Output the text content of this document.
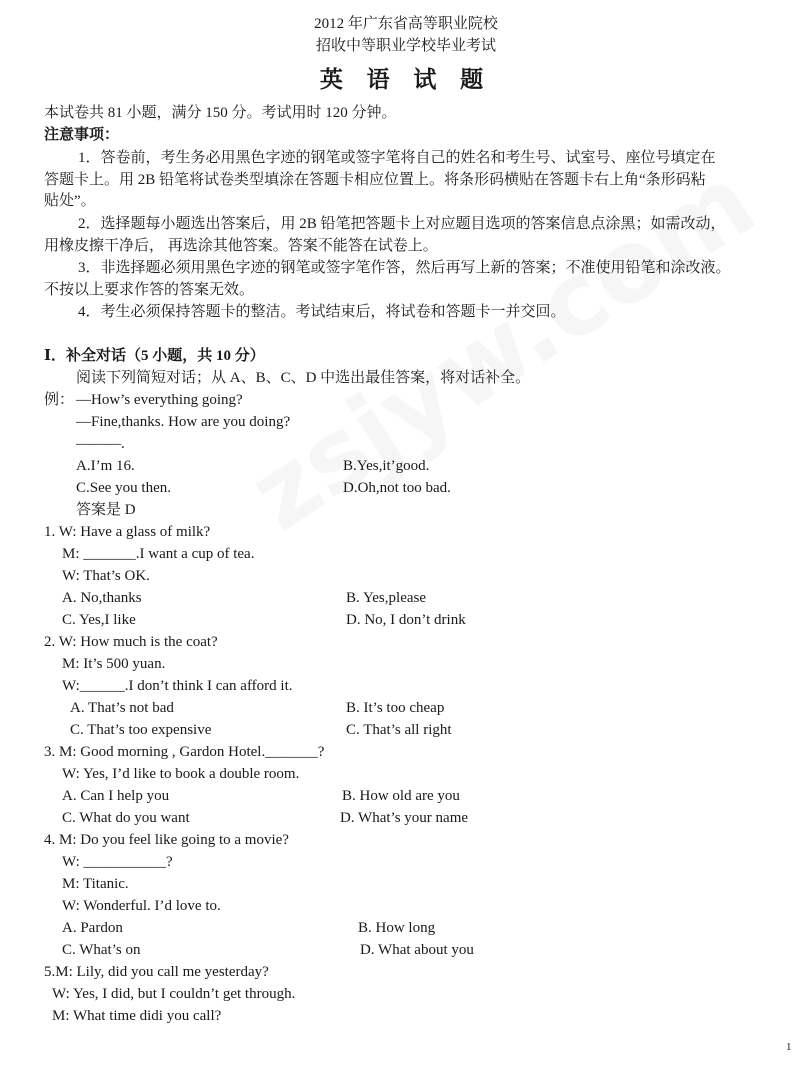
2012 年广东省高等职业院校
招收中等职业学校毕业考试
英 语 试 题
本试卷共 81 小题，满分 150 分。考试用时 120 分钟。
注意事项：
1．答卷前，考生务必用黑色字迹的钢笔或签字笔将自己的姓名和考生号、试室号、座位号填定在
答题卡上。用 2B 铅笔将试卷类型填涂在答题卡相应位置上。将条形码横贴在答题卡右上角“条形码粘
贴处”。
2．选择题每小题选出答案后，用 2B 铅笔把答题卡上对应题目选项的答案信息点涂黑；如需改动，
用橡皮擦干净后， 再选涂其他答案。答案不能答在试卷上。
3．非选择题必须用黑色字迹的钢笔或签字笔作答，然后再写上新的答案；不准使用铅笔和涂改液。
不按以上要求作答的答案无效。
4．考生必须保持答题卡的整洁。考试结束后，将试卷和答题卡一并交回。
Ⅰ．补全对话（5 小题，共 10 分）
阅读下列简短对话；从 A、B、C、D 中选出最佳答案，将对话补全。
例： —How’s everything going?
—Fine,thanks. How are you doing?
———.
A.I’m 16.	B.Yes,it’good.
C.See you then.	D.Oh,not too bad.
答案是 D
1. W: Have a glass of milk?
M: _______.I want a cup of tea.
W: That’s OK.
A. No,thanks	B. Yes,please
C. Yes,I like	D. No, I don’t drink
2. W: How much is the coat?
M: It’s 500 yuan.
W:______.I don’t think I can afford it.
A. That’s not bad	B. It’s too cheap
C. That’s too expensive	C. That’s all right
3. M: Good morning , Gardon Hotel._______?
W: Yes, I’d like to book a double room.
A. Can I help you	B. How old are you
C. What do you want	D. What’s your name
4. M: Do you feel like going to a movie?
W: ___________?
M: Titanic.
W: Wonderful. I’d love to.
A. Pardon	B. How long
C. What’s on	D. What about you
5.M: Lily, did you call me yesterday?
W: Yes, I did, but I couldn’t get through.
M: What time didi you call?
1
